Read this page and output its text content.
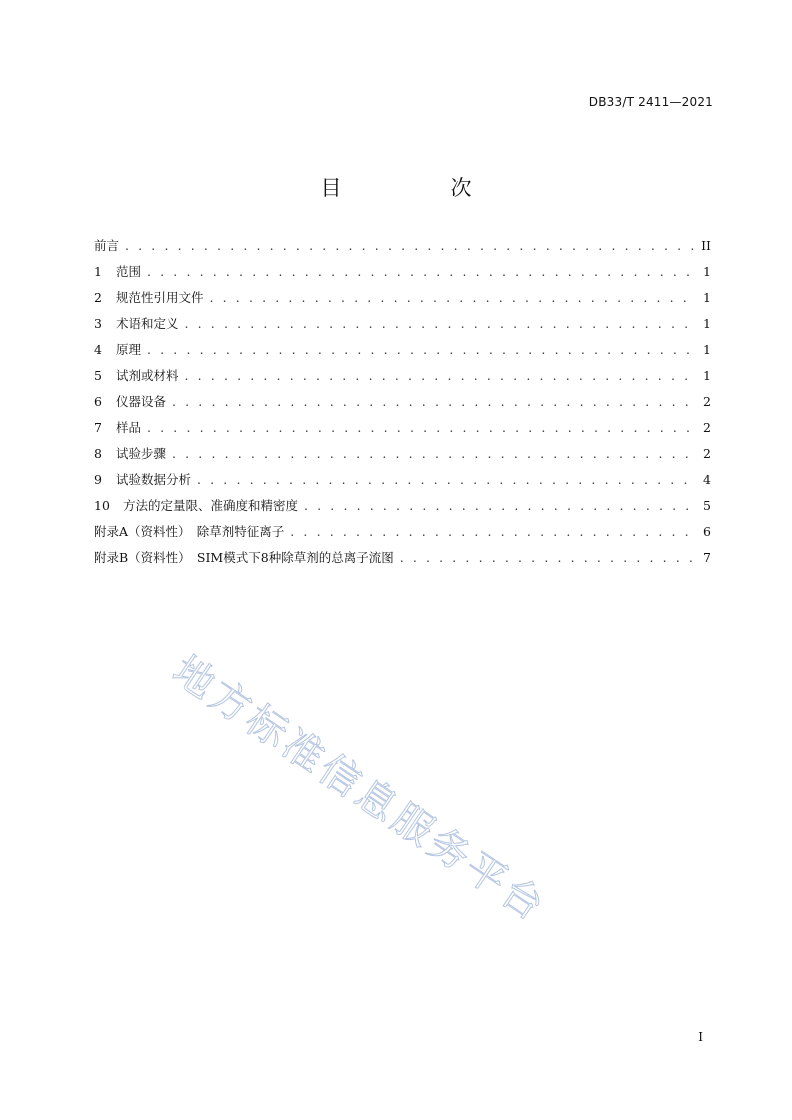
DB33/T 2411—2021
目　次
前言 . . .	II
1	范围 . . .	1
2	规范性引用文件 . . .	1
3	术语和定义 . . .	1
4	原理 . . .	1
5	试剂或材料 . . .	1
6	仪器设备 . . .	2
7	样品 . . .	2
8	试验步骤 . . .	2
9	试验数据分析 . . .	4
10	方法的定量限、准确度和精密度 . . .	5
附录A（资料性）　除草剂特征离子 . . .	6
附录B（资料性）　SIM模式下8种除草剂的总离子流图 . . .	7
地方标准信息服务平台
I
